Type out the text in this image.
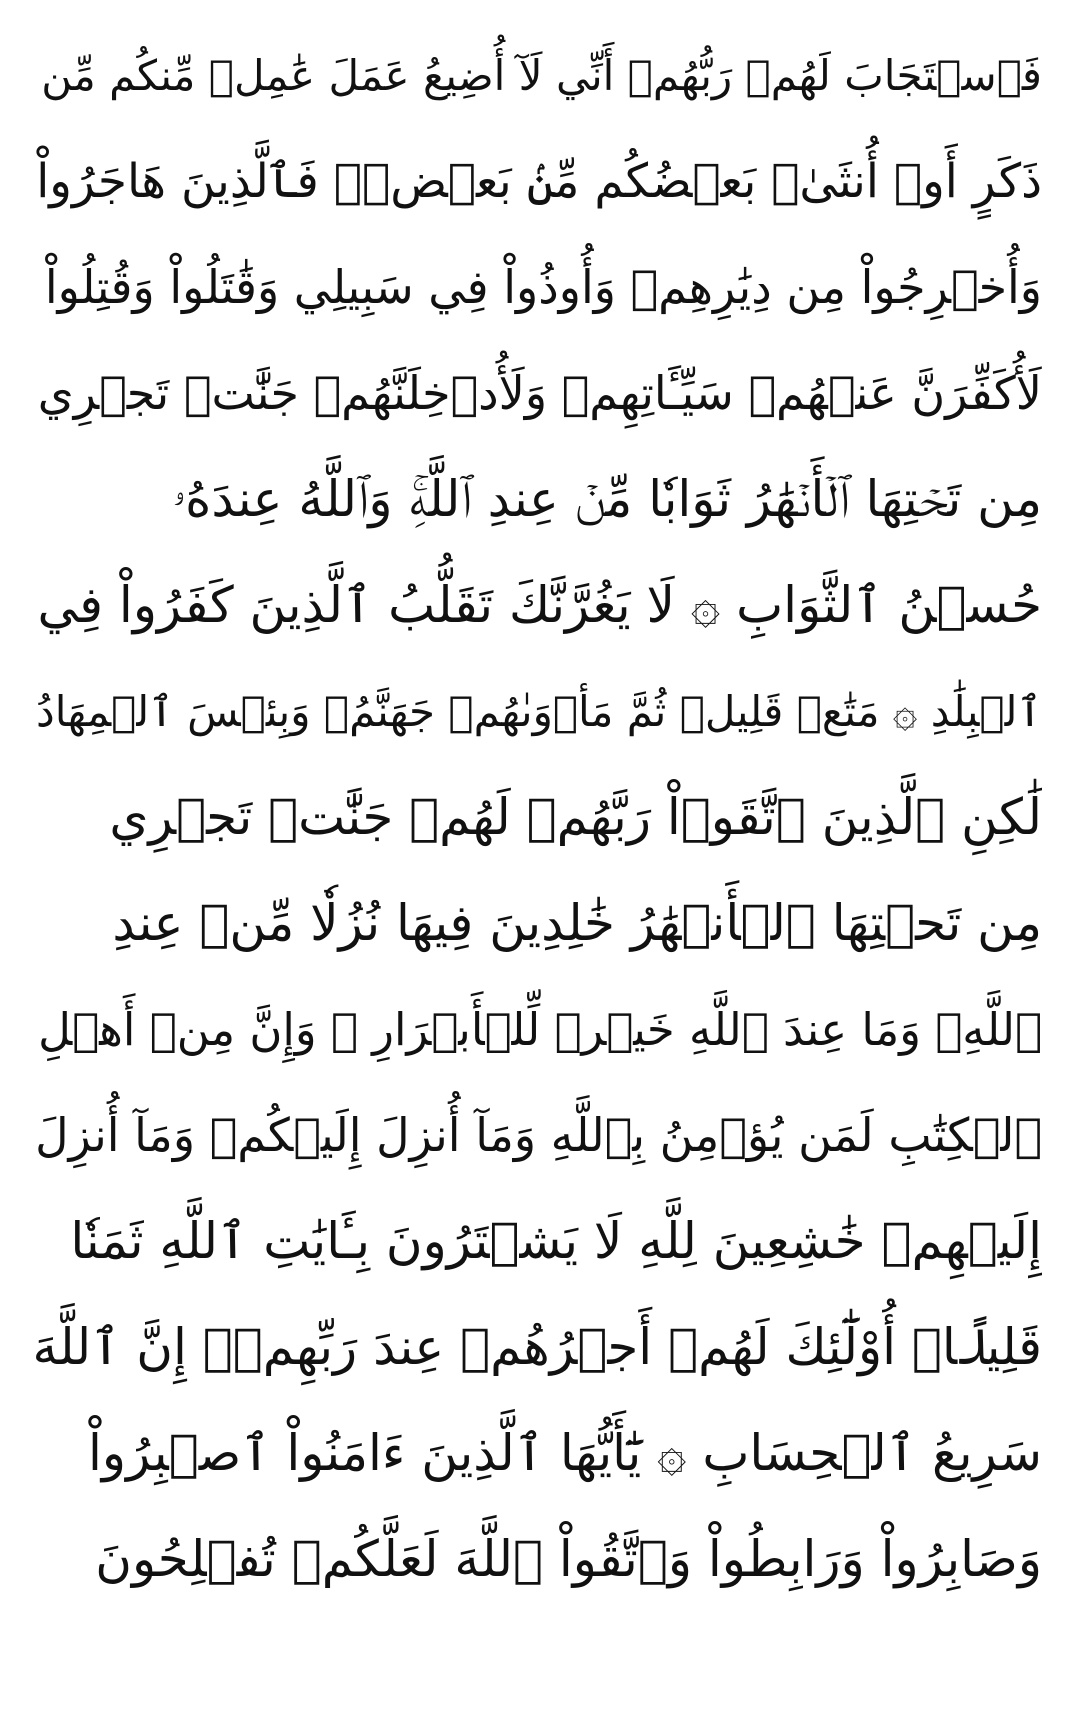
فَٱسۡتَجَابَ لَهُمۡ رَبُّهُمۡ أَنِّي لَآ أُضِيعُ عَمَلَ عَٰمِلٖ مِّنكُم مِّن
ذَكَرٍ أَوۡ أُنثَىٰۖ بَعۡضُكُم مِّنۢ بَعۡضٖۖ فَٱلَّذِينَ هَاجَرُواْ
وَأُخۡرِجُواْ مِن دِيَٰرِهِمۡ وَأُوذُواْ فِي سَبِيلِي وَقَٰتَلُواْ وَقُتِلُواْ
لَأُكَفِّرَنَّ عَنۡهُمۡ سَيِّـَٔاتِهِمۡ وَلَأُدۡخِلَنَّهُمۡ جَنَّٰتٖ تَجۡرِي
مِن تَحۡتِهَا ٱلۡأَنۡهَٰرُ ثَوَابٗا مِّنۡ عِندِ ٱللَّهِۚ وَٱللَّهُ عِندَهُۥ
حُسۡنُ ٱلثَّوَابِ ۞ لَا يَغُرَّنَّكَ تَقَلُّبُ ٱلَّذِينَ كَفَرُواْ فِي
ٱلۡبِلَٰدِ ۞ مَتَٰعٞ قَلِيلٞ ثُمَّ مَأۡوَىٰهُمۡ جَهَنَّمُۖ وَبِئۡسَ ٱلۡمِهَادُ
لَٰكِنِ ٱلَّذِينَ ٱتَّقَوۡاْ رَبَّهُمۡ لَهُمۡ جَنَّٰتٞ تَجۡرِي
مِن تَحۡتِهَا ٱلۡأَنۡهَٰرُ خَٰلِدِينَ فِيهَا نُزُلٗا مِّنۡ عِندِ
ٱللَّهِۗ وَمَا عِندَ ٱللَّهِ خَيۡرٞ لِّلۡأَبۡرَارِ ۞ وَإِنَّ مِنۡ أَهۡلِ
ٱلۡكِتَٰبِ لَمَن يُؤۡمِنُ بِٱللَّهِ وَمَآ أُنزِلَ إِلَيۡكُمۡ وَمَآ أُنزِلَ
إِلَيۡهِمۡ خَٰشِعِينَ لِلَّهِ لَا يَشۡتَرُونَ بِـَٔايَٰتِ ٱللَّهِ ثَمَنٗا
قَلِيلًاۚ أُوْلَٰٓئِكَ لَهُمۡ أَجۡرُهُمۡ عِندَ رَبِّهِمۡۗ إِنَّ ٱللَّهَ
سَرِيعُ ٱلۡحِسَابِ ۞ يَٰٓأَيُّهَا ٱلَّذِينَ ءَامَنُواْ ٱصۡبِرُواْ
وَصَابِرُواْ وَرَابِطُواْ وَٱتَّقُواْ ٱللَّهَ لَعَلَّكُمۡ تُفۡلِحُونَ
